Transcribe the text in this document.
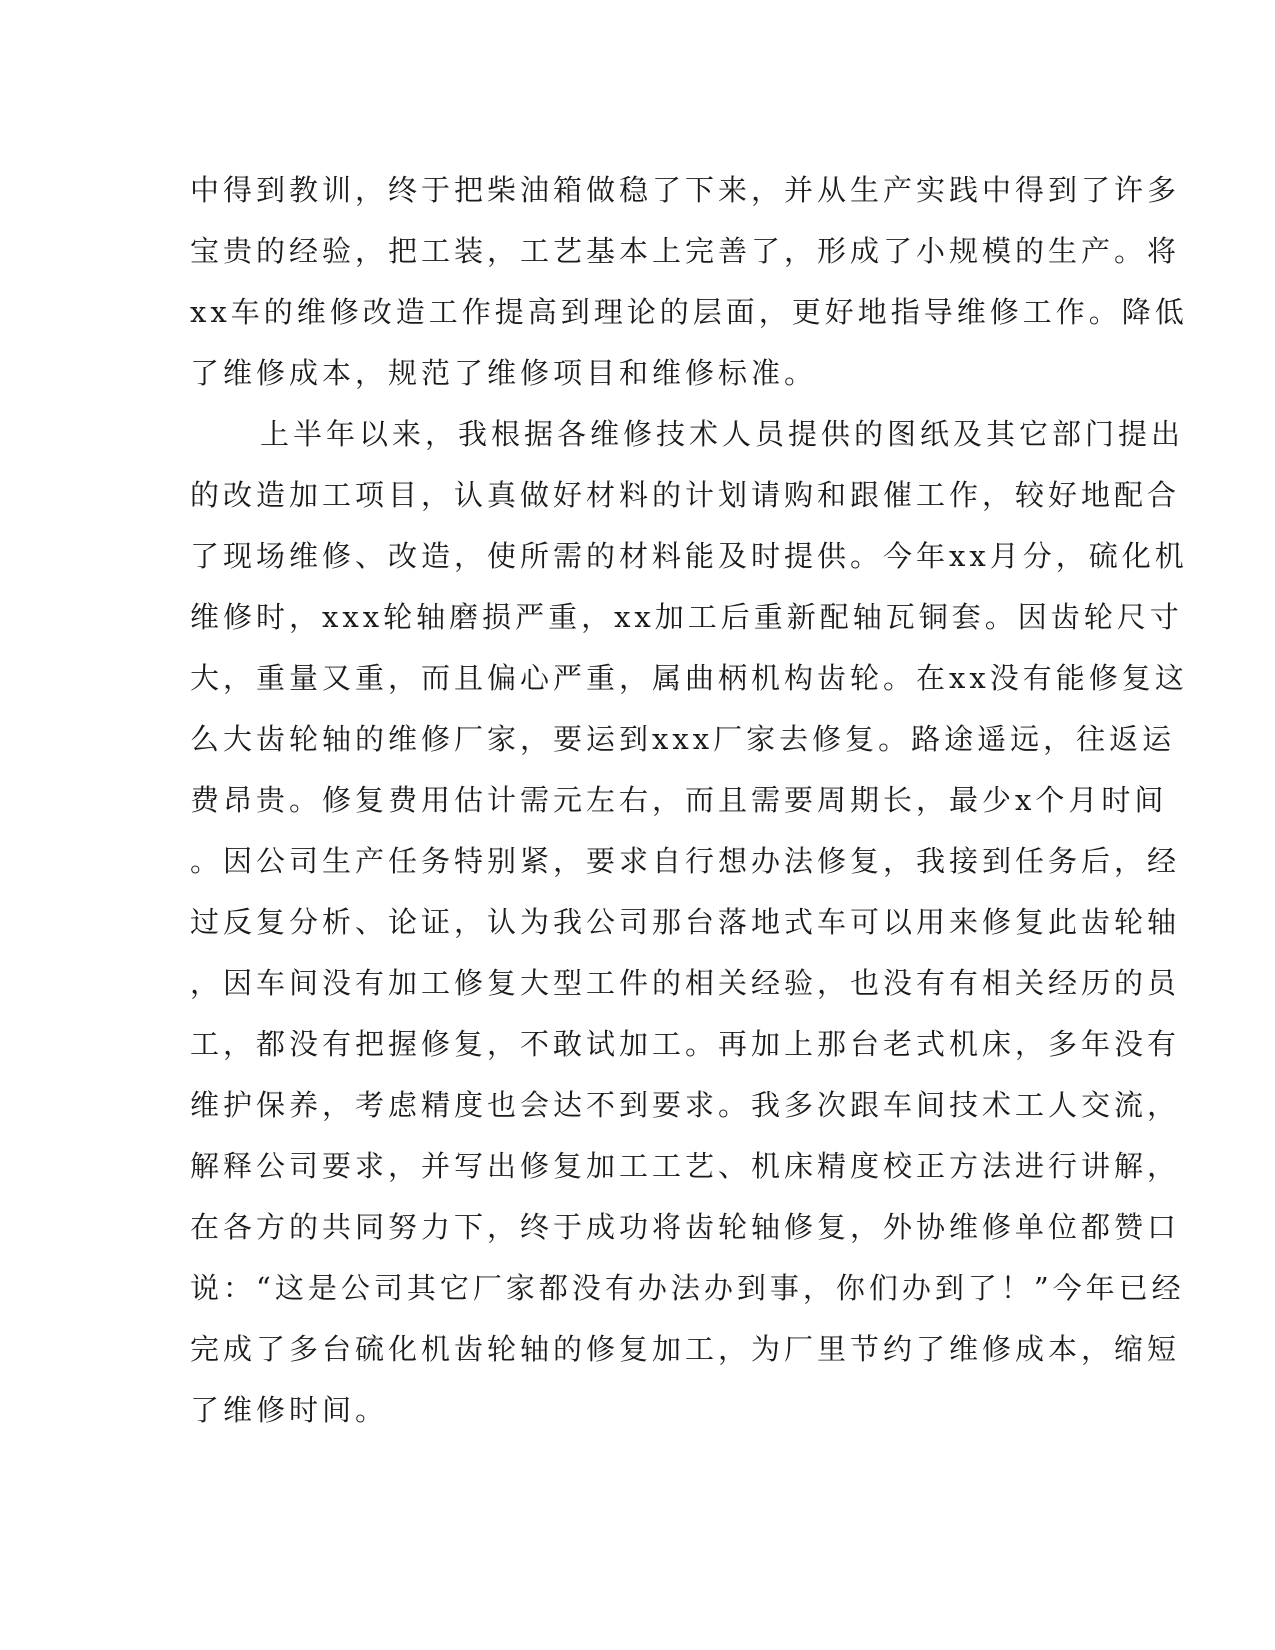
中得到教训，终于把柴油箱做稳了下来，并从生产实践中得到了许多
宝贵的经验，把工装，工艺基本上完善了，形成了小规模的生产。将
xx车的维修改造工作提高到理论的层面，更好地指导维修工作。降低
了维修成本，规范了维修项目和维修标准。
上半年以来，我根据各维修技术人员提供的图纸及其它部门提出
的改造加工项目，认真做好材料的计划请购和跟催工作，较好地配合
了现场维修、改造，使所需的材料能及时提供。今年xx月分，硫化机
维修时，xxx轮轴磨损严重，xx加工后重新配轴瓦铜套。因齿轮尺寸
大，重量又重，而且偏心严重，属曲柄机构齿轮。在xx没有能修复这
么大齿轮轴的维修厂家，要运到xxx厂家去修复。路途遥远，往返运
费昂贵。修复费用估计需元左右，而且需要周期长，最少x个月时间
。因公司生产任务特别紧，要求自行想办法修复，我接到任务后，经
过反复分析、论证，认为我公司那台落地式车可以用来修复此齿轮轴
，因车间没有加工修复大型工件的相关经验，也没有有相关经历的员
工，都没有把握修复，不敢试加工。再加上那台老式机床，多年没有
维护保养，考虑精度也会达不到要求。我多次跟车间技术工人交流，
解释公司要求，并写出修复加工工艺、机床精度校正方法进行讲解，
在各方的共同努力下，终于成功将齿轮轴修复，外协维修单位都赞口
说：“这是公司其它厂家都没有办法办到事，你们办到了！”今年已经
完成了多台硫化机齿轮轴的修复加工，为厂里节约了维修成本，缩短
了维修时间。
